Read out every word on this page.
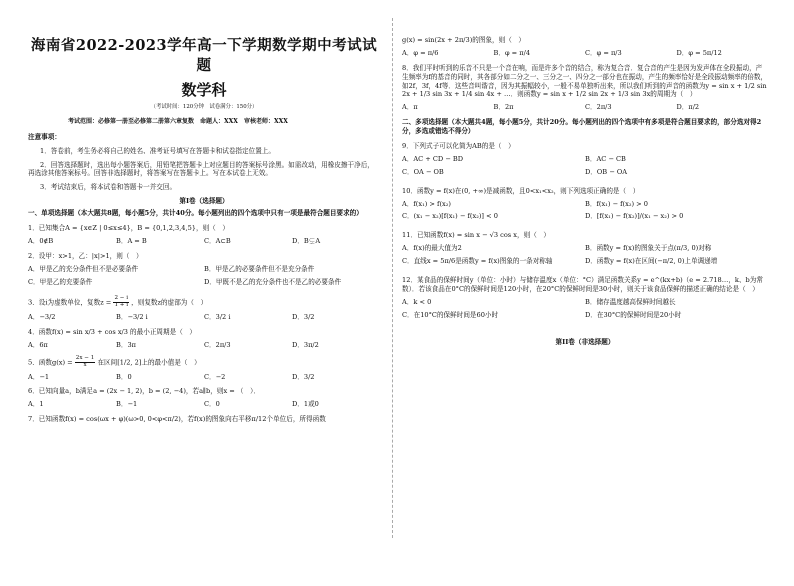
海南省2022-2023学年高一下学期数学期中考试试题
数学科
（考试时间：120分钟　试卷满分：150分）
考试范围：必修第一册至必修第二册第六章复数　命题人：XXX　审核老师：XXX
注意事项：

1．答卷前，考生务必将自己的姓名、准考证号填写在答题卡和试卷指定位置上。

2．回答选择题时，选出每小题答案后，用铅笔把答题卡上对应题目的答案标号涂黑。如需改动，用橡皮擦干净后，再选涂其他答案标号。回答非选择题时，将答案写在答题卡上。写在本试卷上无效。

3．考试结束后，将本试卷和答题卡一并交回。

第Ⅰ卷（选择题）
一、单项选择题（本大题共8题，每小题5分，共计40分。每小题列出的四个选项中只有一项是最符合题目要求的）
1．已知集合A = {x∈Z | 0≤x≤4}，B = {0,1,2,3,4,5}，则（　）
A．0∉B	B．A = B	C．A⊂B	D．B⊊A
2．设甲：x>1，乙：|x|>1，则（　）
A．甲是乙的充分条件但不是必要条件	B．甲是乙的必要条件但不是充分条件
C．甲是乙的充要条件	D．甲既不是乙的充分条件也不是乙的必要条件
3．设i为虚数单位，复数$z = \frac{2 - i}{1 + i}$ ，则复数z的虚部为（　）
A．−3/2	B．−3/2 i	C．3/2 i	D．3/2
4．函数f(x) = sin x/3 + cos x/3 的最小正周期是（　）
A．6π	B．3π	C．2π/3	D．3π/2
5．函数$g(x) = \frac{2x - 1}{x}$ 在区间[1/2, 2]上的最小值是（　）
A．−1	B．0	C．−2	D．3/2
6．已知向量a，b满足a = (2x − 1, 2)，b = (2, −4)，若a∥b，则x = （　）．
A．1	B．−1	C．0	D．1或0
7．已知函数f(x) = cos(ωx + φ)(ω>0, 0<φ<π/2)，若f(x)的图象向右平移π/12个单位后，所得函数
g(x) = sin(2x + 2π/3)的图象，则（　）
A．φ = π/6	B．φ = π/4	C．φ = π/3	D．φ = 5π/12
8．我们平时听到的乐音不只是一个音在响，而是许多个音的结合，称为复合音．复合音的产生是因为发声体在全段振动，产生频率为f的基音的同时，其各部分如二分之一、三分之一、四分之一部分也在振动，产生的频率恰好是全段振动频率的倍数，如2f，3f，4f等．这些音叫谐音，因为其振幅较小，一般不易单独听出来，所以我们听到的声音的函数为y = sin x + 1/2 sin 2x + 1/3 sin 3x + 1/4 sin 4x + …．则函数y = sin x + 1/2 sin 2x + 1/3 sin 3x的周期为（　）
A．π	B．2π	C．2π/3	D．π/2
二、多项选择题（本大题共4题，每小题5分，共计20分。每小题列出的四个选项中有多项是符合题目要求的，部分选对得2分，多选或错选不得分）
9．下列式子可以化简为AB的是（　）
A．AC + CD − BD	B．AC − CB
C．OA − OB	D．OB − OA
10．函数y = f(x)在(0, +∞)是减函数，且0<x₁<x₂，则下列选项正确的是（　）
A．f(x₁) > f(x₂)	B．f(x₁) − f(x₂) > 0
C．(x₁ − x₂)[f(x₁) − f(x₂)] < 0	D．[f(x₁) − f(x₂)]/(x₁ − x₂) > 0
11．已知函数f(x) = sin x − √3 cos x，则（　）
A．f(x)的最大值为2	B．函数y = f(x)的图象关于点(π/3, 0)对称
C．直线x = 5π/6是函数y = f(x)图象的一条对称轴	D．函数y = f(x)在区间(−π/2, 0)上单调递增
12．某食品的保鲜时间y（单位：小时）与储存温度x（单位：°C）满足函数关系y = e^(kx+b)（e = 2.718…，k、b为常数）．若该食品在0°C的保鲜时间是120小时，在20°C的保鲜时间是30小时，则关于该食品保鲜的描述正确的结论是（　）
A．k < 0	B．储存温度越高保鲜时间越长
C．在10°C的保鲜时间是60小时	D．在30°C的保鲜时间是20小时
第II卷（非选择题）
